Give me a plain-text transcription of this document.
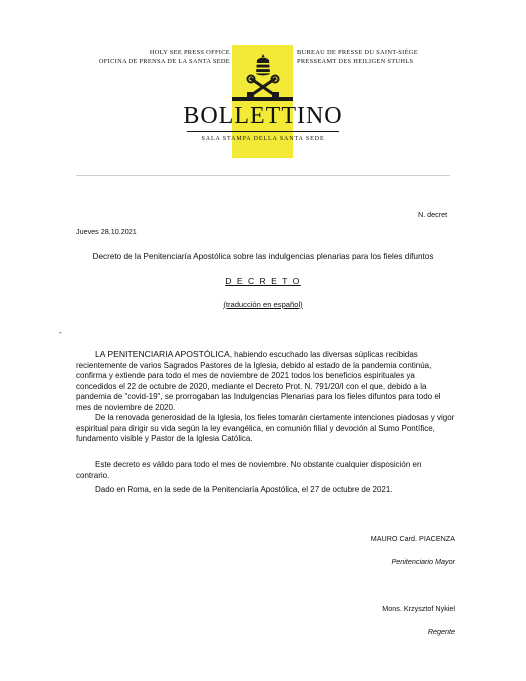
HOLY SEE PRESS OFFICE
OFICINA DE PRENSA DE LA SANTA SEDE
BUREAU DE PRESSE DU SAINT-SIÈGE
PRESSEAMT DES HEILIGEN STUHLS
BOLLETTINO
SALA STAMPA DELLA SANTA SEDE
N. decret
Jueves 28.10.2021
Decreto de la Penitenciaría Apostólica sobre las indulgencias plenarias para los fieles difuntos
D E C R E T O
(traducción en español)
-
LA PENITENCIARIA APOSTÓLICA, habiendo escuchado las diversas súplicas recibidas recientemente de varios Sagrados Pastores de la Iglesia, debido al estado de la pandemia continúa, confirma y extiende para todo el mes de noviembre de 2021 todos los beneficios espirituales ya concedidos el 22 de octubre de 2020, mediante el Decreto Prot. N. 791/20/I con el que, debido a la pandemia de "covid-19", se prorrogaban las Indulgencias Plenarias para los fieles difuntos para todo el mes de noviembre de 2020.
De la renovada generosidad de la Iglesia, los fieles tomarán ciertamente intenciones piadosas y vigor espiritual para dirigir su vida según la ley evangélica, en comunión filial y devoción al Sumo Pontífice, fundamento visible y Pastor de la Iglesia Católica.
Este decreto es válido para todo el mes de noviembre. No obstante cualquier disposición en contrario.
Dado en Roma, en la sede de la Penitenciaría Apostólica, el 27 de octubre de 2021.
MAURO Card. PIACENZA
Penitenciario Mayor
Mons. Krzysztof Nykiel
Regente
